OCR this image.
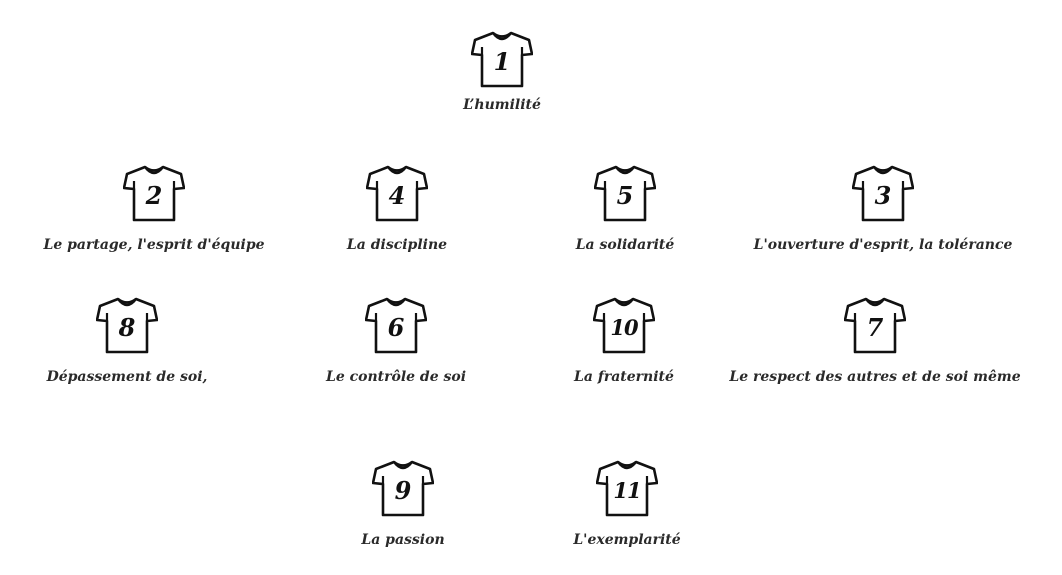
1
L’humilité
2
Le partage, l'esprit d'équipe
4
La discipline
5
La solidarité
3
L'ouverture d'esprit, la tolérance
8
Dépassement de soi,
6
Le contrôle de soi
10
La fraternité
7
Le respect des autres et de soi même
9
La passion
11
L'exemplarité
